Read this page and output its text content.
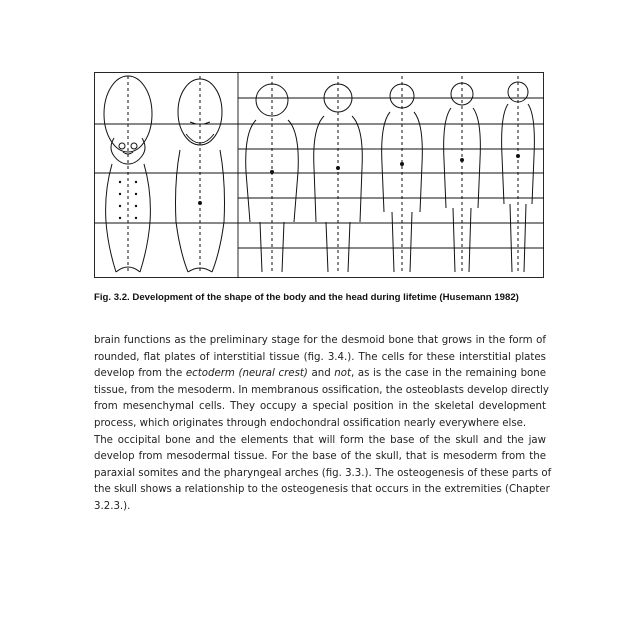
Fig. 3.2. Development of the shape of the body and the head during lifetime (Husemann 1982)

brain functions as the preliminary stage for the desmoid bone that grows in the form of
rounded, flat plates of interstitial tissue (fig. 3.4.). The cells for these interstitial plates
develop from the ectoderm (neural crest) and not, as is the case in the remaining bone
tissue, from the mesoderm. In membranous ossification, the osteoblasts develop directly
from mesenchymal cells. They occupy a special position in the skeletal development
process, which originates through endochondral ossification nearly everywhere else.

The occipital bone and the elements that will form the base of the skull and the jaw
develop from mesodermal tissue. For the base of the skull, that is mesoderm from the
paraxial somites and the pharyngeal arches (fig. 3.3.). The osteogenesis of these parts of
the skull shows a relationship to the osteogenesis that occurs in the extremities (Chapter
3.2.3.).
